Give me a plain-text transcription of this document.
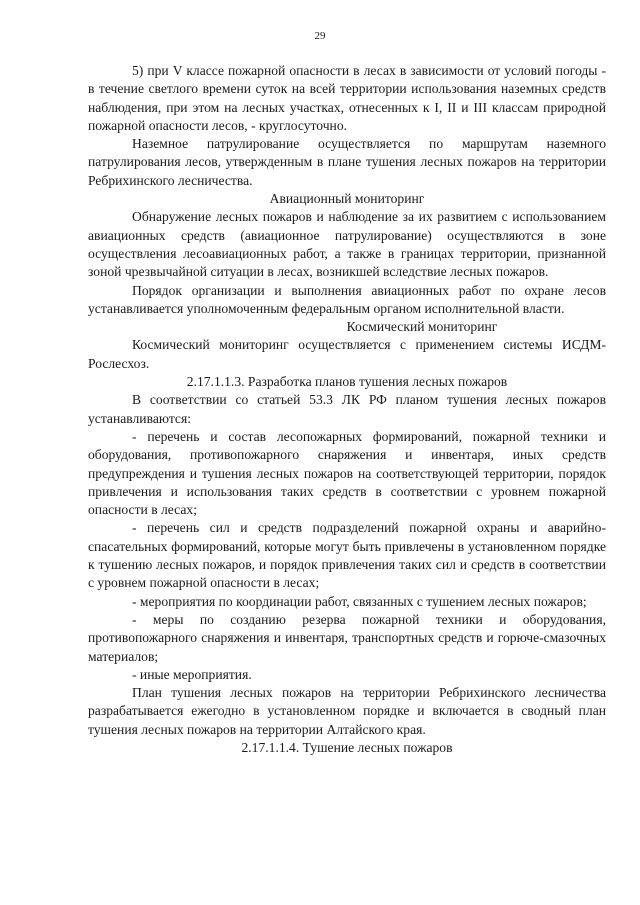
29

5) при V классе пожарной опасности в лесах в зависимости от условий погоды - в течение светлого времени суток на всей территории использования наземных средств наблюдения, при этом на лесных участках, отнесенных к I, II и III классам природной пожарной опасности лесов, - круглосуточно.

Наземное патрулирование осуществляется по маршрутам наземного патрулирования лесов, утвержденным в плане тушения лесных пожаров на территории Ребрихинского лесничества.

Авиационный мониторинг

Обнаружение лесных пожаров и наблюдение за их развитием с использованием авиационных средств (авиационное патрулирование) осуществляются в зоне осуществления лесоавиационных работ, а также в границах территории, признанной зоной чрезвычайной ситуации в лесах, возникшей вследствие лесных пожаров.

Порядок организации и выполнения авиационных работ по охране лесов устанавливается уполномоченным федеральным органом исполнительной власти.

Космический мониторинг

Космический мониторинг осуществляется с применением системы ИСДМ-Рослесхоз.

2.17.1.1.3. Разработка планов тушения лесных пожаров

В соответствии со статьей 53.3 ЛК РФ планом тушения лесных пожаров устанавливаются:

- перечень и состав лесопожарных формирований, пожарной техники и оборудования, противопожарного снаряжения и инвентаря, иных средств предупреждения и тушения лесных пожаров на соответствующей территории, порядок привлечения и использования таких средств в соответствии с уровнем пожарной опасности в лесах;

- перечень сил и средств подразделений пожарной охраны и аварийно-спасательных формирований, которые могут быть привлечены в установленном порядке к тушению лесных пожаров, и порядок привлечения таких сил и средств в соответствии с уровнем пожарной опасности в лесах;

- мероприятия по координации работ, связанных с тушением лесных пожаров;

- меры по созданию резерва пожарной техники и оборудования, противопожарного снаряжения и инвентаря, транспортных средств и горюче-смазочных материалов;

- иные мероприятия.

План тушения лесных пожаров на территории Ребрихинского лесничества разрабатывается ежегодно в установленном порядке и включается в сводный план тушения лесных пожаров на территории Алтайского края.

2.17.1.1.4. Тушение лесных пожаров
